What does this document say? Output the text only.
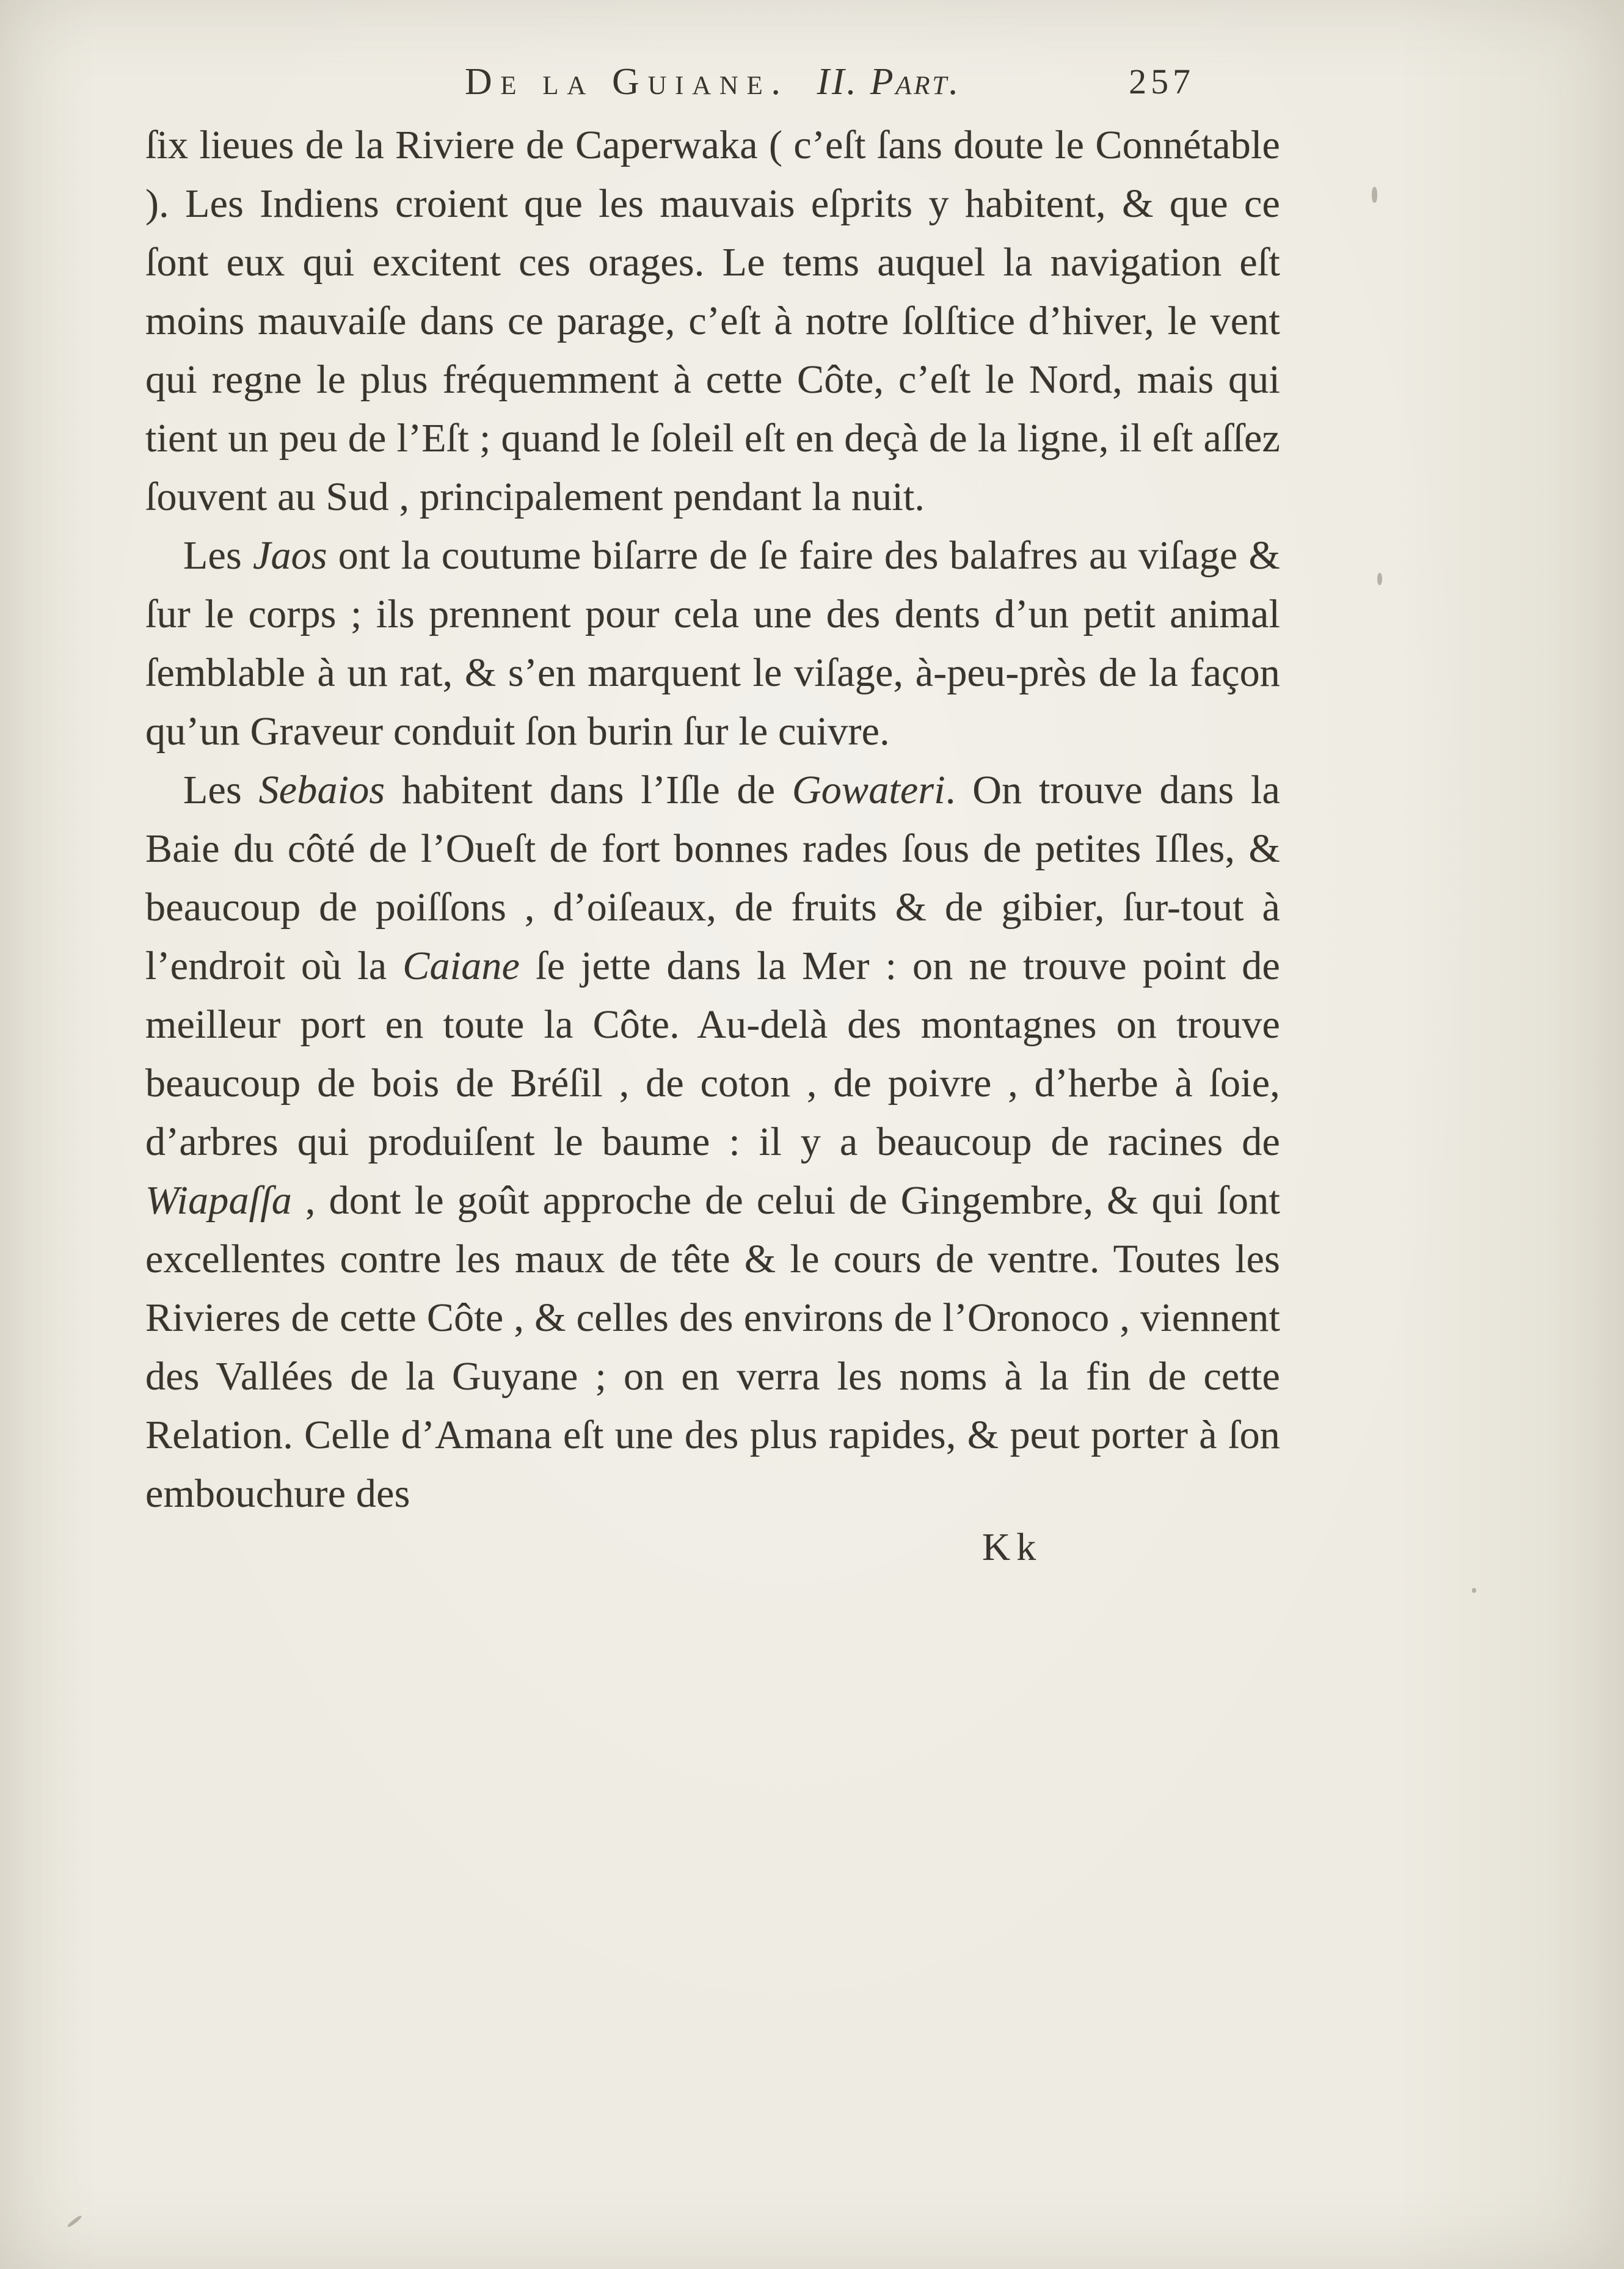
De la Guiane. II. Part.	257

ſix lieues de la Riviere de Caperwaka ( c’eſt ſans doute le Connétable ). Les Indiens croient que les mauvais eſprits y habitent, & que ce ſont eux qui excitent ces orages. Le tems auquel la navigation eſt moins mauvaiſe dans ce parage, c’eſt à notre ſolſtice d’hiver, le vent qui regne le plus fréquemment à cette Côte, c’eſt le Nord, mais qui tient un peu de l’Eſt ; quand le ſoleil eſt en deçà de la ligne, il eſt aſſez ſouvent au Sud , principalement pendant la nuit.

Les Jaos ont la coutume biſarre de ſe faire des balafres au viſage & ſur le corps ; ils prennent pour cela une des dents d’un petit animal ſemblable à un rat, & s’en marquent le viſage, à-peu-près de la façon qu’un Graveur conduit ſon burin ſur le cuivre.

Les Sebaios habitent dans l’Iſle de Gowateri. On trouve dans la Baie du côté de l’Oueſt de fort bonnes rades ſous de petites Iſles, & beaucoup de poiſſons , d’oiſeaux, de fruits & de gibier, ſur-tout à l’endroit où la Caiane ſe jette dans la Mer : on ne trouve point de meilleur port en toute la Côte. Au-delà des montagnes on trouve beaucoup de bois de Bréſil , de coton , de poivre , d’herbe à ſoie, d’arbres qui produiſent le baume : il y a beaucoup de racines de Wiapaſſa , dont le goût approche de celui de Gingembre, & qui ſont excellentes contre les maux de tête & le cours de ventre. Toutes les Rivieres de cette Côte , & celles des environs de l’Oronoco , viennent des Vallées de la Guyane ; on en verra les noms à la fin de cette Relation. Celle d’Amana eſt une des plus rapides, & peut porter à ſon embouchure des

Kk
